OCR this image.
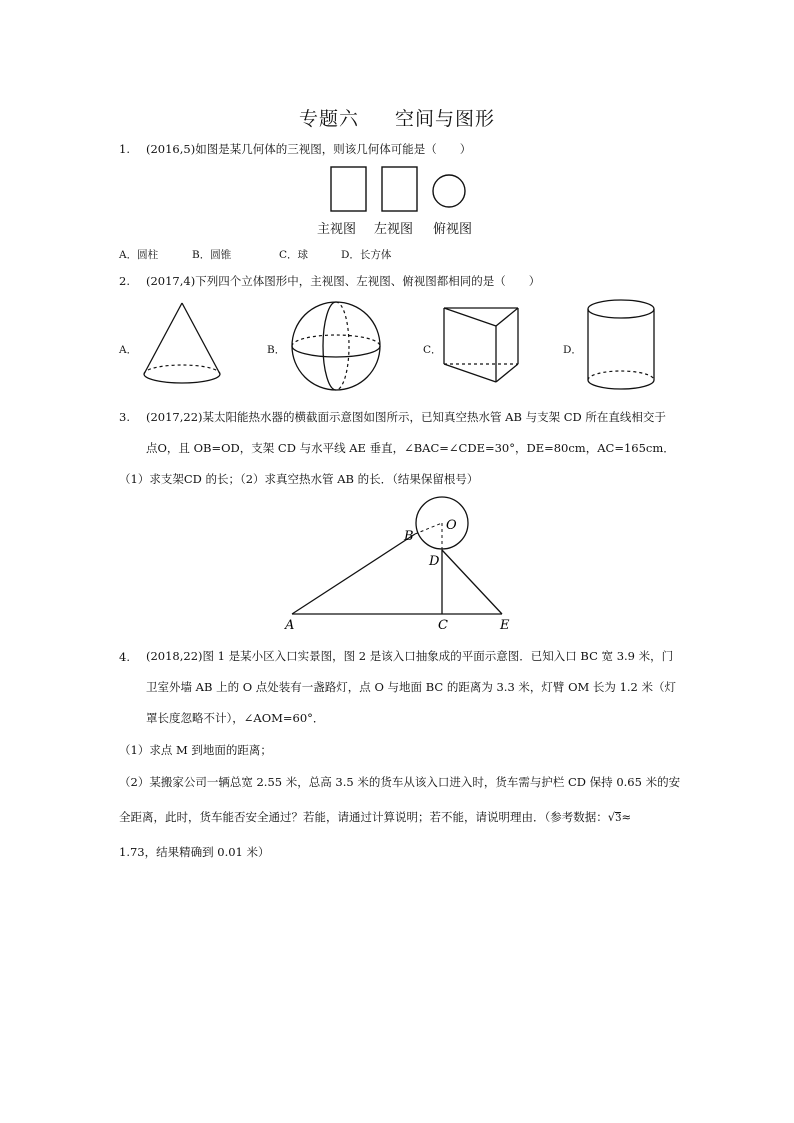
专题六 空间与图形
1. (2016,5)如图是某几何体的三视图，则该几何体可能是（　　）
主视图 左视图 俯视图
A．圆柱	B．圆锥	C．球	D．长方体
2. (2017,4)下列四个立体图形中，主视图、左视图、俯视图都相同的是（　　）
A．	B．	C．	D．
3. (2017,22)某太阳能热水器的横截面示意图如图所示，已知真空热水管 AB 与支架 CD 所在直线相交于
点O，且 OB=OD，支架 CD 与水平线 AE 垂直，∠BAC=∠CDE=30°，DE=80cm，AC=165cm．
（1）求支架CD 的长；（2）求真空热水管 AB 的长．（结果保留根号）
O
B
D
A	C	E
4. (2018,22)图 1 是某小区入口实景图，图 2 是该入口抽象成的平面示意图．已知入口 BC 宽 3.9 米，门
卫室外墙 AB 上的 O 点处装有一盏路灯，点 O 与地面 BC 的距离为 3.3 米，灯臂 OM 长为 1.2 米（灯
罩长度忽略不计），∠AOM=60°．
（1）求点 M 到地面的距离；
（2）某搬家公司一辆总宽 2.55 米，总高 3.5 米的货车从该入口进入时，货车需与护栏 CD 保持 0.65 米的安
全距离，此时，货车能否安全通过？若能，请通过计算说明；若不能，请说明理由．（参考数据：√3≈
1.73，结果精确到 0.01 米）
